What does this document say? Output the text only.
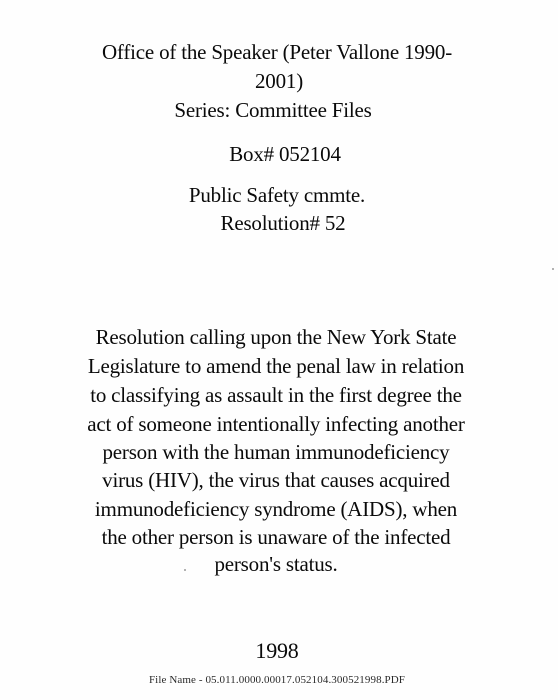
Office of the Speaker (Peter Vallone 1990-
2001)
Series: Committee Files
Box# 052104
Public Safety cmmte.
Resolution# 52
Resolution calling upon the New York State
Legislature to amend the penal law in relation
to classifying as assault in the first degree the
act of someone intentionally infecting another
person with the human immunodeficiency
virus (HIV), the virus that causes acquired
immunodeficiency syndrome (AIDS), when
the other person is unaware of the infected
person's status.
1998
File Name - 05.011.0000.00017.052104.300521998.PDF
